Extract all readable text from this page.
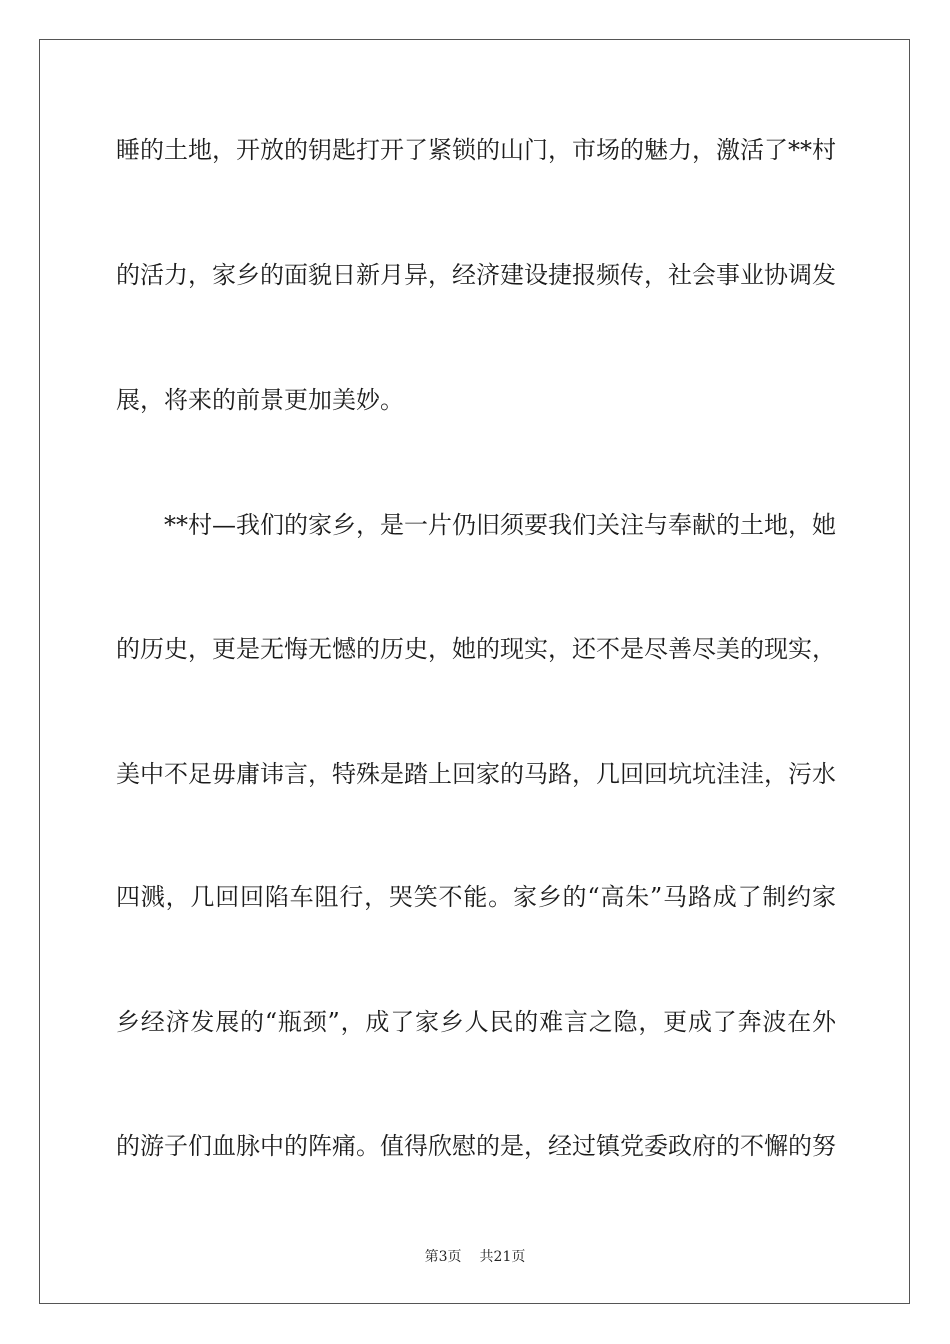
睡的土地，开放的钥匙打开了紧锁的山门，市场的魅力，激活了**村
的活力，家乡的面貌日新月异，经济建设捷报频传，社会事业协调发
展，将来的前景更加美妙。
**村—我们的家乡，是一片仍旧须要我们关注与奉献的土地，她
的历史，更是无悔无憾的历史，她的现实，还不是尽善尽美的现实，
美中不足毋庸讳言，特殊是踏上回家的马路，几回回坑坑洼洼，污水
四溅，几回回陷车阻行，哭笑不能。家乡的“高朱”马路成了制约家
乡经济发展的“瓶颈”，成了家乡人民的难言之隐，更成了奔波在外
的游子们血脉中的阵痛。值得欣慰的是，经过镇党委政府的不懈的努
第3页 共21页
